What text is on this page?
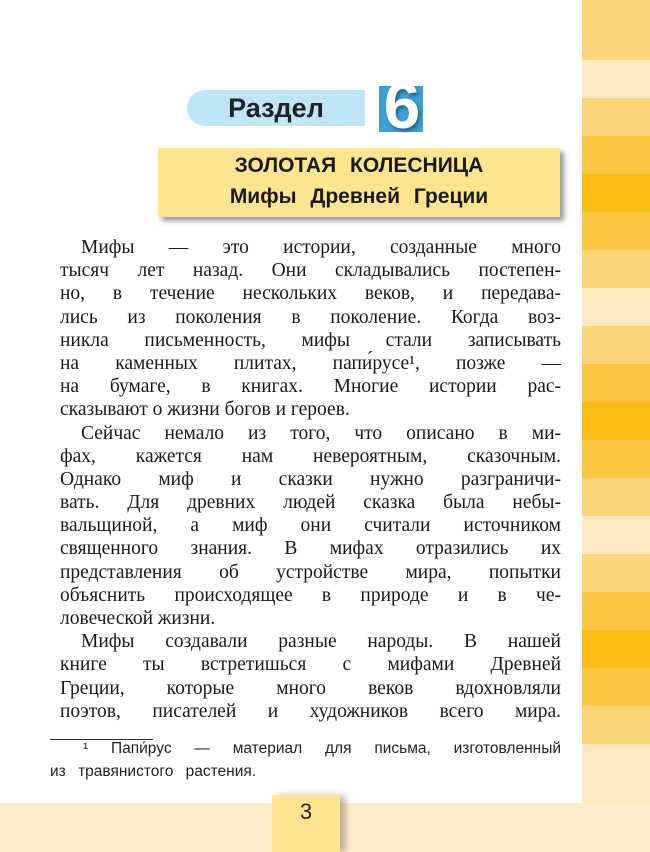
Раздел 6
ЗОЛОТАЯ КОЛЕСНИЦА
Мифы Древней Греции
Мифы — это истории, созданные много
тысяч лет назад. Они складывались постепен-
но, в течение нескольких веков, и передава-
лись из поколения в поколение. Когда воз-
никла письменность, мифы стали записывать
на каменных плитах, папи́русе¹, позже —
на бумаге, в книгах. Многие истории рас-
сказывают о жизни богов и героев.
Сейчас немало из того, что описано в ми-
фах, кажется нам невероятным, сказочным.
Однако миф и сказки нужно разграничи-
вать. Для древних людей сказка была небы-
вальщиной, а миф они считали источником
священного знания. В мифах отразились их
представления об устройстве мира, попытки
объяснить происходящее в природе и в че-
ловеческой жизни.
Мифы создавали разные народы. В нашей
книге ты встретишься с мифами Древней
Греции, которые много веков вдохновляли
поэтов, писателей и художников всего мира.
¹ Папи́рус — материал для письма, изготовленный
из травянистого растения.
3
